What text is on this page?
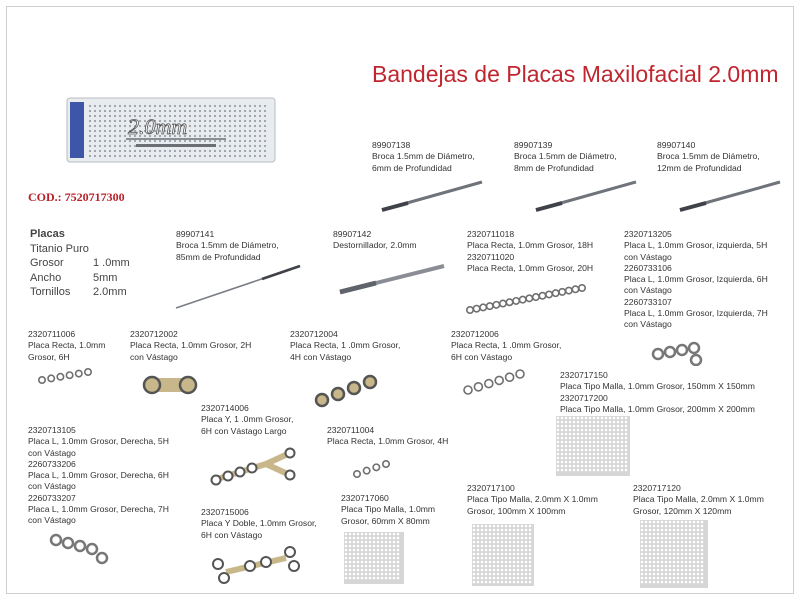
2.0mm
Bandejas de Placas Maxilofacial 2.0mm
COD.: 7520717300
Placas
Titanio Puro
Grosor	1 .0mm
Ancho	5mm
Tornillos 2.0mm
89907138
Broca 1.5mm de Diámetro,
6mm de Profundidad
89907139
Broca 1.5mm de Diámetro,
8mm de Profundidad
89907140
Broca 1.5mm de Diámetro,
12mm de Profundidad
89907141
Broca 1.5mm de Diámetro,
85mm de Profundidad
89907142
Destornillador, 2.0mm
2320711018
Placa Recta, 1.0mm Grosor, 18H
2320711020
Placa Recta, 1.0mm Grosor, 20H
2320713205
Placa L, 1.0mm Grosor, izquierda, 5H
con Vástago
2260733106
Placa L, 1.0mm Grosor, Izquierda, 6H
con Vástago
2260733107
Placa L, 1.0mm Grosor, Izquierda, 7H
con Vástago
2320711006
Placa Recta, 1.0mm
Grosor, 6H
2320712002
Placa Recta, 1.0mm Grosor, 2H
con Vástago
2320712004
Placa Recta, 1 .0mm Grosor,
4H con Vástago
2320712006
Placa Recta, 1 .0mm Grosor,
6H con Vástago
2320717150
Placa Tipo Malla, 1.0mm Grosor, 150mm X 150mm
2320717200
Placa Tipo Malla, 1.0mm Grosor, 200mm X 200mm
2320714006
Placa Y, 1 .0mm Grosor,
6H con Vástago Largo	2320711004
Placa Recta, 1.0mm Grosor, 4H
2320713105
Placa L, 1.0mm Grosor, Derecha, 5H
con Vástago
2260733206
Placa L, 1.0mm Grosor, Derecha, 6H
con Vástago
2260733207
Placa L, 1.0mm Grosor, Derecha, 7H
con Vástago
2320715006
Placa Y Doble, 1.0mm Grosor,
6H con Vástago
2320717060
Placa Tipo Malla, 1.0mm
Grosor, 60mm X 80mm
2320717100
Placa Tipo Malla, 2.0mm X 1.0mm
Grosor, 100mm X 100mm
2320717120
Placa Tipo Malla, 2.0mm X 1.0mm
Grosor, 120mm X 120mm
